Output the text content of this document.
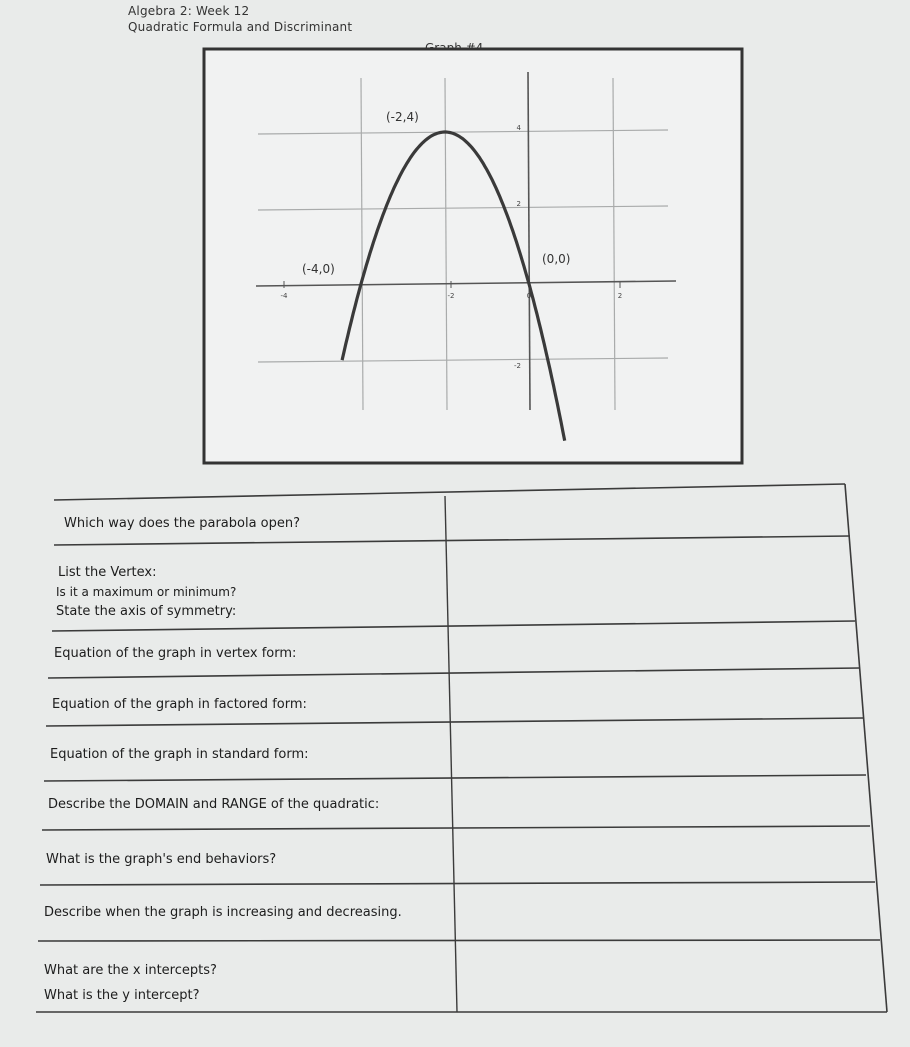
Algebra 2: Week 12
Quadratic Formula and Discriminant
-4	-2	0	2
4
2
-2
(-2,4)
(-4,0)
(0,0)
Which way does the parabola open?
List the Vertex:
Is it a maximum or minimum?
State the axis of symmetry:
Equation of the graph in vertex form:
Equation of the graph in factored form:
Equation of the graph in standard form:
Describe the DOMAIN and RANGE of the quadratic:
What is the graph's end behaviors?
Describe when the graph is increasing and decreasing.
What are the x intercepts?
What is the y intercept?
